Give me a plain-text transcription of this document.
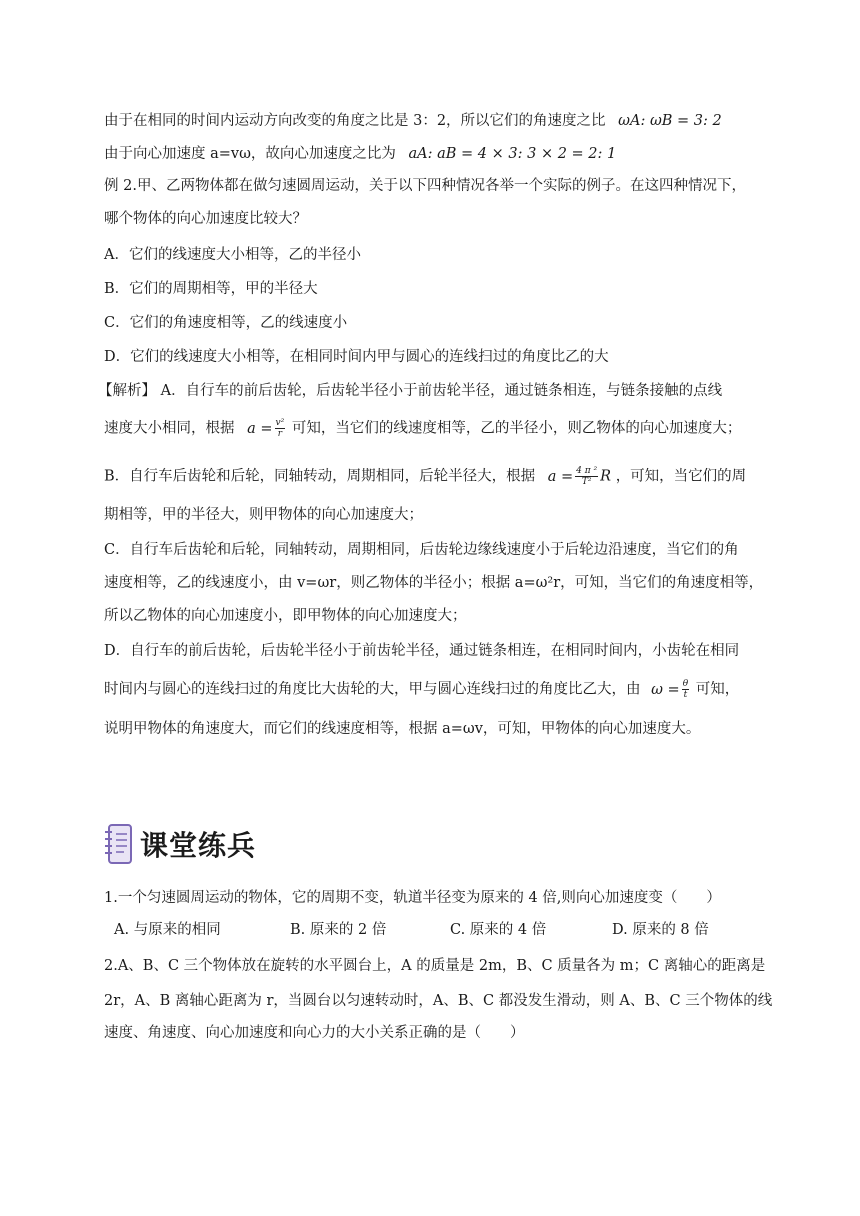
由于在相同的时间内运动方向改变的角度之比是 3：2，所以它们的角速度之比 ωA: ωB = 3: 2
由于向心加速度 a=vω，故向心加速度之比为 aA: aB = 4 × 3: 3 × 2 = 2: 1
例 2.甲、乙两物体都在做匀速圆周运动，关于以下四种情况各举一个实际的例子。在这四种情况下，
哪个物体的向心加速度比较大？
A．它们的线速度大小相等，乙的半径小
B．它们的周期相等，甲的半径大
C．它们的角速度相等，乙的线速度小
D．它们的线速度大小相等，在相同时间内甲与圆心的连线扫过的角度比乙的大
【解析】 A．自行车的前后齿轮，后齿轮半径小于前齿轮半径，通过链条相连，与链条接触的点线
速度大小相同，根据 $a = \frac{\text{v²}}{r}$ 可知，当它们的线速度相等，乙的半径小，则乙物体的向心加速度大；
B．自行车后齿轮和后轮，同轴转动，周期相同，后轮半径大，根据 $a = \frac{\text{4 π ²}}{\text{T²}}$ R ，可知，当它们的周
期相等，甲的半径大，则甲物体的向心加速度大；
C．自行车后齿轮和后轮，同轴转动，周期相同，后齿轮边缘线速度小于后轮边沿速度，当它们的角
速度相等，乙的线速度小，由 v=ωr，则乙物体的半径小；根据 a=ω²r，可知，当它们的角速度相等，
所以乙物体的向心加速度小，即甲物体的向心加速度大；
D．自行车的前后齿轮，后齿轮半径小于前齿轮半径，通过链条相连，在相同时间内，小齿轮在相同
时间内与圆心的连线扫过的角度比大齿轮的大，甲与圆心连线扫过的角度比乙大，由 $\omega = \frac{\theta}{t}$ 可知，
说明甲物体的角速度大，而它们的线速度相等，根据 a=ωv，可知，甲物体的向心加速度大。
课堂练兵
1.一个匀速圆周运动的物体，它的周期不变，轨道半径变为原来的 4 倍,则向心加速度变（　　）
A. 与原来的相同	B. 原来的 2 倍	C. 原来的 4 倍	D. 原来的 8 倍
2.A、B、C 三个物体放在旋转的水平圆台上，A 的质量是 2m，B、C 质量各为 m；C 离轴心的距离是
2r，A、B 离轴心距离为 r，当圆台以匀速转动时，A、B、C 都没发生滑动，则 A、B、C 三个物体的线
速度、角速度、向心加速度和向心力的大小关系正确的是（　　）
